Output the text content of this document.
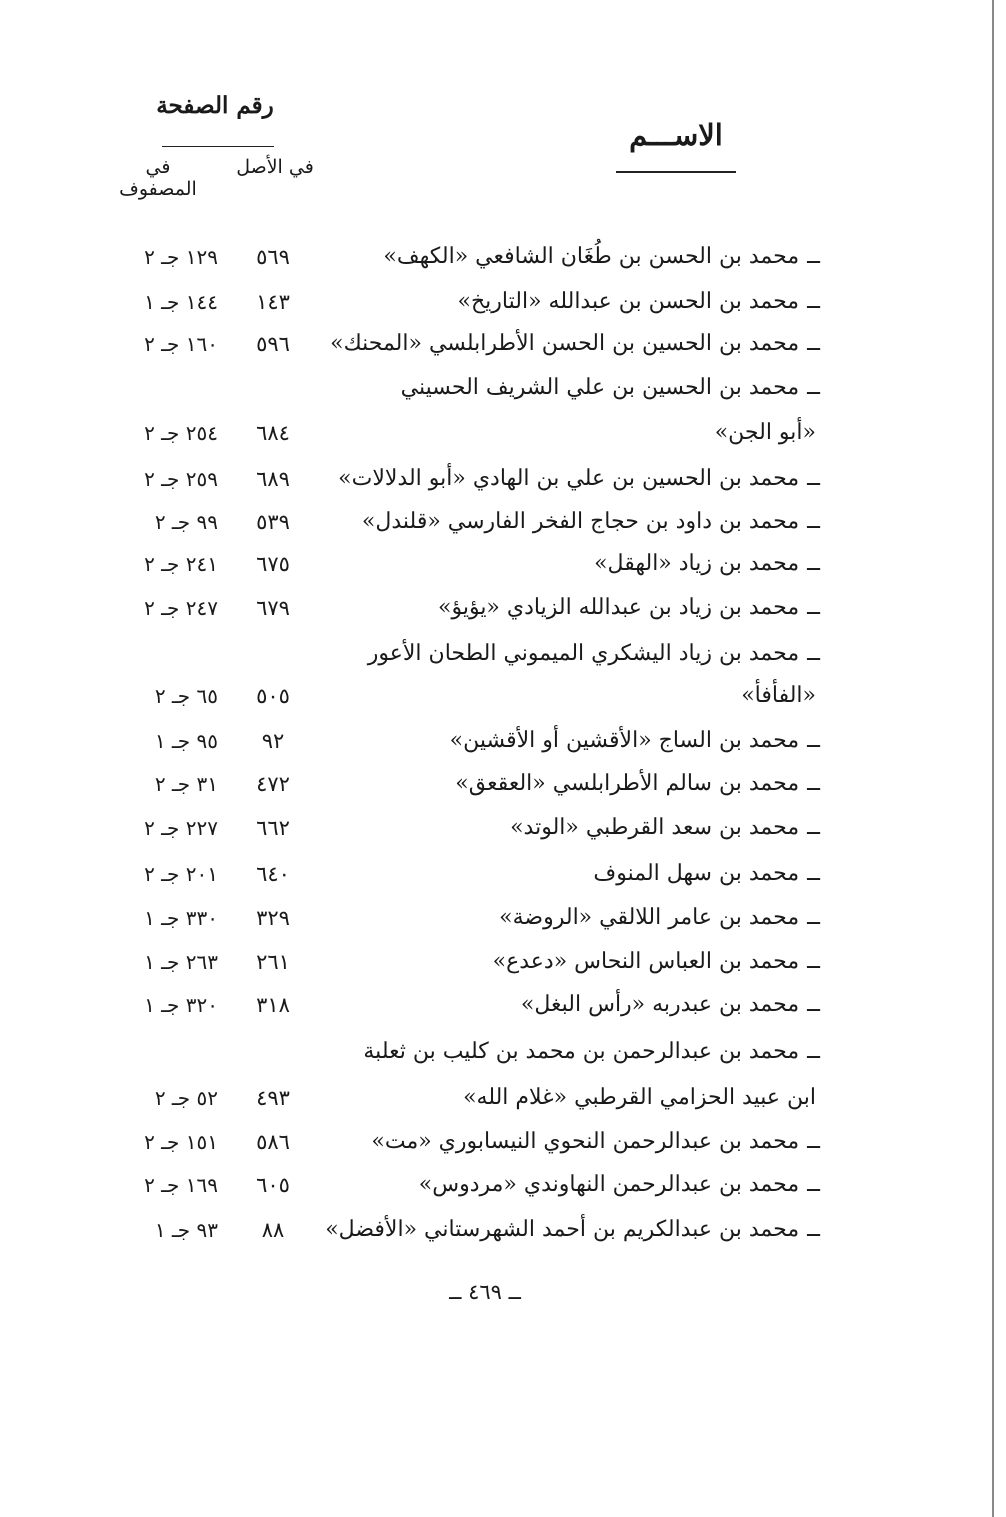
رقم الصفحة
في الأصل
في المصفوف
الاســـم
ــمحمد بن الحسن بن طُغَان الشافعي «الكهف»
٥٦٩
١٢٩ جـ ٢
ــمحمد بن الحسن بن عبدالله «التاريخ»
١٤٣
١٤٤ جـ ١
ــمحمد بن الحسين بن الحسن الأطرابلسي «المحنك»
٥٩٦
١٦٠ جـ ٢
ــمحمد بن الحسين بن علي الشريف الحسيني
«أبو الجن»
٦٨٤
٢٥٤ جـ ٢
ــمحمد بن الحسين بن علي بن الهادي «أبو الدلالات»
٦٨٩
٢٥٩ جـ ٢
ــمحمد بن داود بن حجاج الفخر الفارسي «قلندل»
٥٣٩
٩٩ جـ ٢
ــمحمد بن زياد «الهقل»
٦٧٥
٢٤١ جـ ٢
ــمحمد بن زياد بن عبدالله الزيادي «يؤيؤ»
٦٧٩
٢٤٧ جـ ٢
ــمحمد بن زياد اليشكري الميموني الطحان الأعور
«الفأفأ»
٥٠٥
٦٥ جـ ٢
ــمحمد بن الساج «الأقشين أو الأقشين»
٩٢
٩٥ جـ ١
ــمحمد بن سالم الأطرابلسي «العقعق»
٤٧٢
٣١ جـ ٢
ــمحمد بن سعد القرطبي «الوتد»
٦٦٢
٢٢٧ جـ ٢
ــمحمد بن سهل المنوف
٦٤٠
٢٠١ جـ ٢
ــمحمد بن عامر اللالقي «الروضة»
٣٢٩
٣٣٠ جـ ١
ــمحمد بن العباس النحاس «دعدع»
٢٦١
٢٦٣ جـ ١
ــمحمد بن عبدربه «رأس البغل»
٣١٨
٣٢٠ جـ ١
ــمحمد بن عبدالرحمن بن محمد بن كليب بن ثعلبة
ابن عبيد الحزامي القرطبي «غلام الله»
٤٩٣
٥٢ جـ ٢
ــمحمد بن عبدالرحمن النحوي النيسابوري «مت»
٥٨٦
١٥١ جـ ٢
ــمحمد بن عبدالرحمن النهاوندي «مردوس»
٦٠٥
١٦٩ جـ ٢
ــمحمد بن عبدالكريم بن أحمد الشهرستاني «الأفضل»
٨٨
٩٣ جـ ١
ــ ٤٦٩ ــ
